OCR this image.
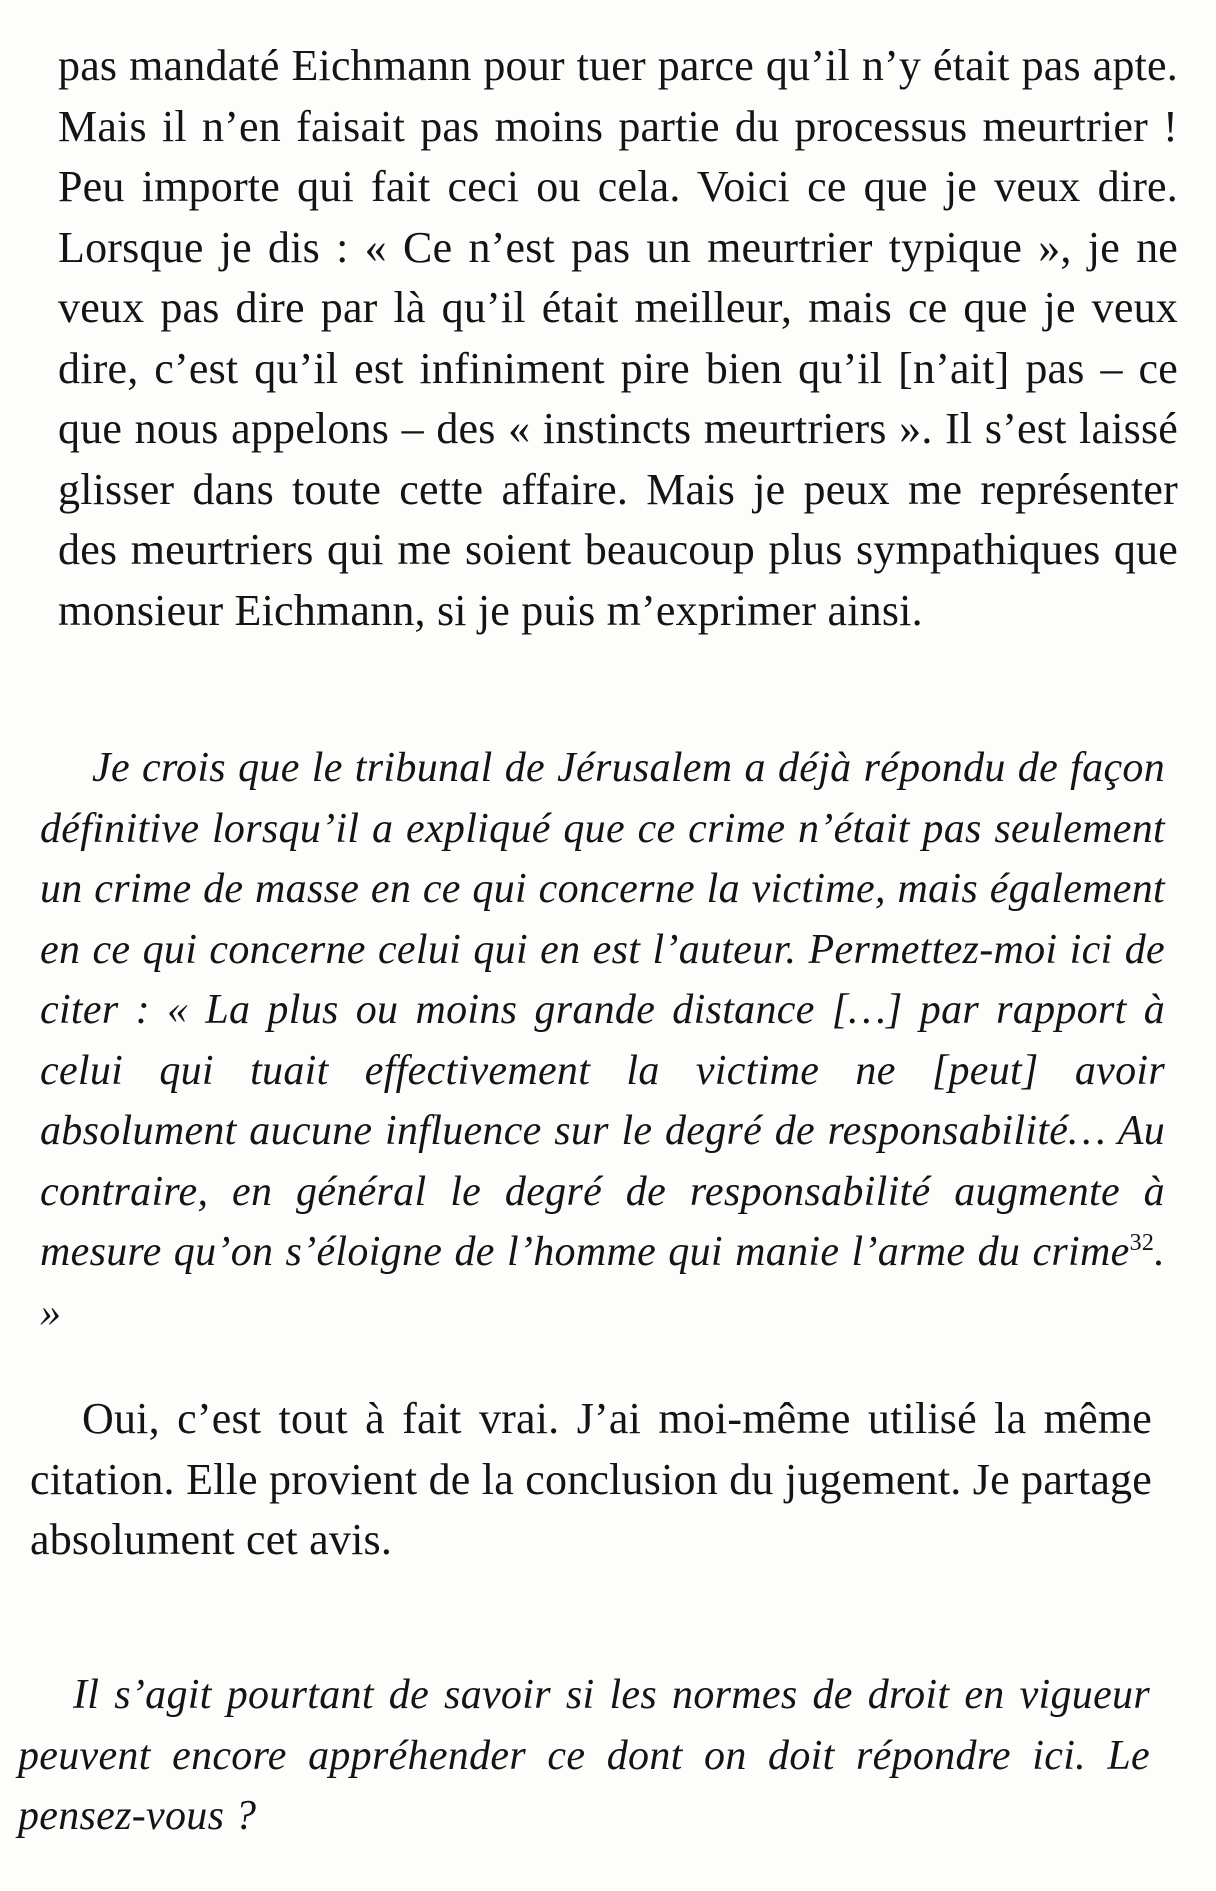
pas mandaté Eichmann pour tuer parce qu’il n’y était pas apte. Mais il n’en faisait pas moins partie du processus meurtrier ! Peu importe qui fait ceci ou cela. Voici ce que je veux dire. Lorsque je dis : « Ce n’est pas un meurtrier typique », je ne veux pas dire par là qu’il était meilleur, mais ce que je veux dire, c’est qu’il est infiniment pire bien qu’il [n’ait] pas – ce que nous appelons – des « instincts meurtriers ». Il s’est laissé glisser dans toute cette affaire. Mais je peux me représenter des meurtriers qui me soient beaucoup plus sympathiques que monsieur Eichmann, si je puis m’exprimer ainsi.

Je crois que le tribunal de Jérusalem a déjà répondu de façon définitive lorsqu’il a expliqué que ce crime n’était pas seulement un crime de masse en ce qui concerne la victime, mais également en ce qui concerne celui qui en est l’auteur. Permettez-moi ici de citer : « La plus ou moins grande distance […] par rapport à celui qui tuait effectivement la victime ne [peut] avoir absolument aucune influence sur le degré de responsabilité… Au contraire, en général le degré de responsabilité augmente à mesure qu’on s’éloigne de l’homme qui manie l’arme du crime$^{32}$. »

Oui, c’est tout à fait vrai. J’ai moi-même utilisé la même citation. Elle provient de la conclusion du jugement. Je partage absolument cet avis.

Il s’agit pourtant de savoir si les normes de droit en vigueur peuvent encore appréhender ce dont on doit répondre ici. Le pensez-vous ?
